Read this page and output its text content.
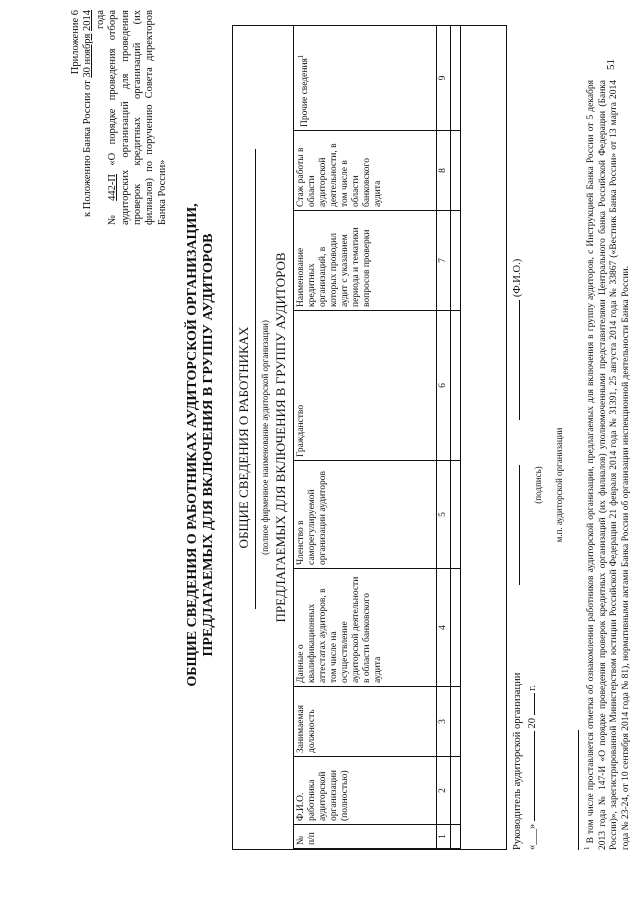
Приложение 6
к Положению Банка России от 30 ноября 2014 года
№ 442-П «О порядке проведения отбора аудиторских организаций для проведения проверок кредитных организаций (их филиалов) по поручению Совета директоров Банка России»
ОБЩИЕ СВЕДЕНИЯ О РАБОТНИКАХ АУДИТОРСКОЙ ОРГАНИЗАЦИИ, ПРЕДЛАГАЕМЫХ ДЛЯ ВКЛЮЧЕНИЯ В ГРУППУ АУДИТОРОВ ОБЩИЕ СВЕДЕНИЯ О РАБОТНИКАХ (полное фирменное наименование аудиторской организации) ПРЕДЛАГАЕМЫХ ДЛЯ ВКЛЮЧЕНИЯ В ГРУППУ АУДИТОРОВ
№ п/п	Ф.И.О. работника аудиторской организации (полностью)	Занимаемая должность	Данные о квалификационных аттестатах аудиторов, в том числе на осуществление аудиторской деятельности в области банковского аудита	Членство в саморегулируемой организации аудиторов	Гражданство	Наименование кредитных организаций, в которых проводил аудит с указанием периода и тематики вопросов проверки	Стаж работы в области аудиторской деятельности, в том числе в области банковского аудита	Прочие сведения$^1$
1	2	3	4	5	6	7	8	9

Руководитель аудиторской организации «___»  20  г.
(Ф.И.О.)
(подпись) м.п. аудиторской организации
$^1$ В том числе проставляется отметка об ознакомлении работников аудиторской организации, предлагаемых для включения в группу аудиторов, с Инструкцией Банка России от 5 декабря 2013 года № 147-И «О порядке проведения проверок кредитных организаций (их филиалов) уполномоченными представителями Центрального банка Российской Федерации (Банка России)», зарегистрированной Министерством юстиции Российской Федерации 21 февраля 2014 года № 31391, 25 августа 2014 года № 33867 («Вестник Банка России» от 13 марта 2014 года № 23-24, от 10 сентября 2014 года № 81), нормативными актами Банка России об организации инспекционной деятельности Банка России.
51
